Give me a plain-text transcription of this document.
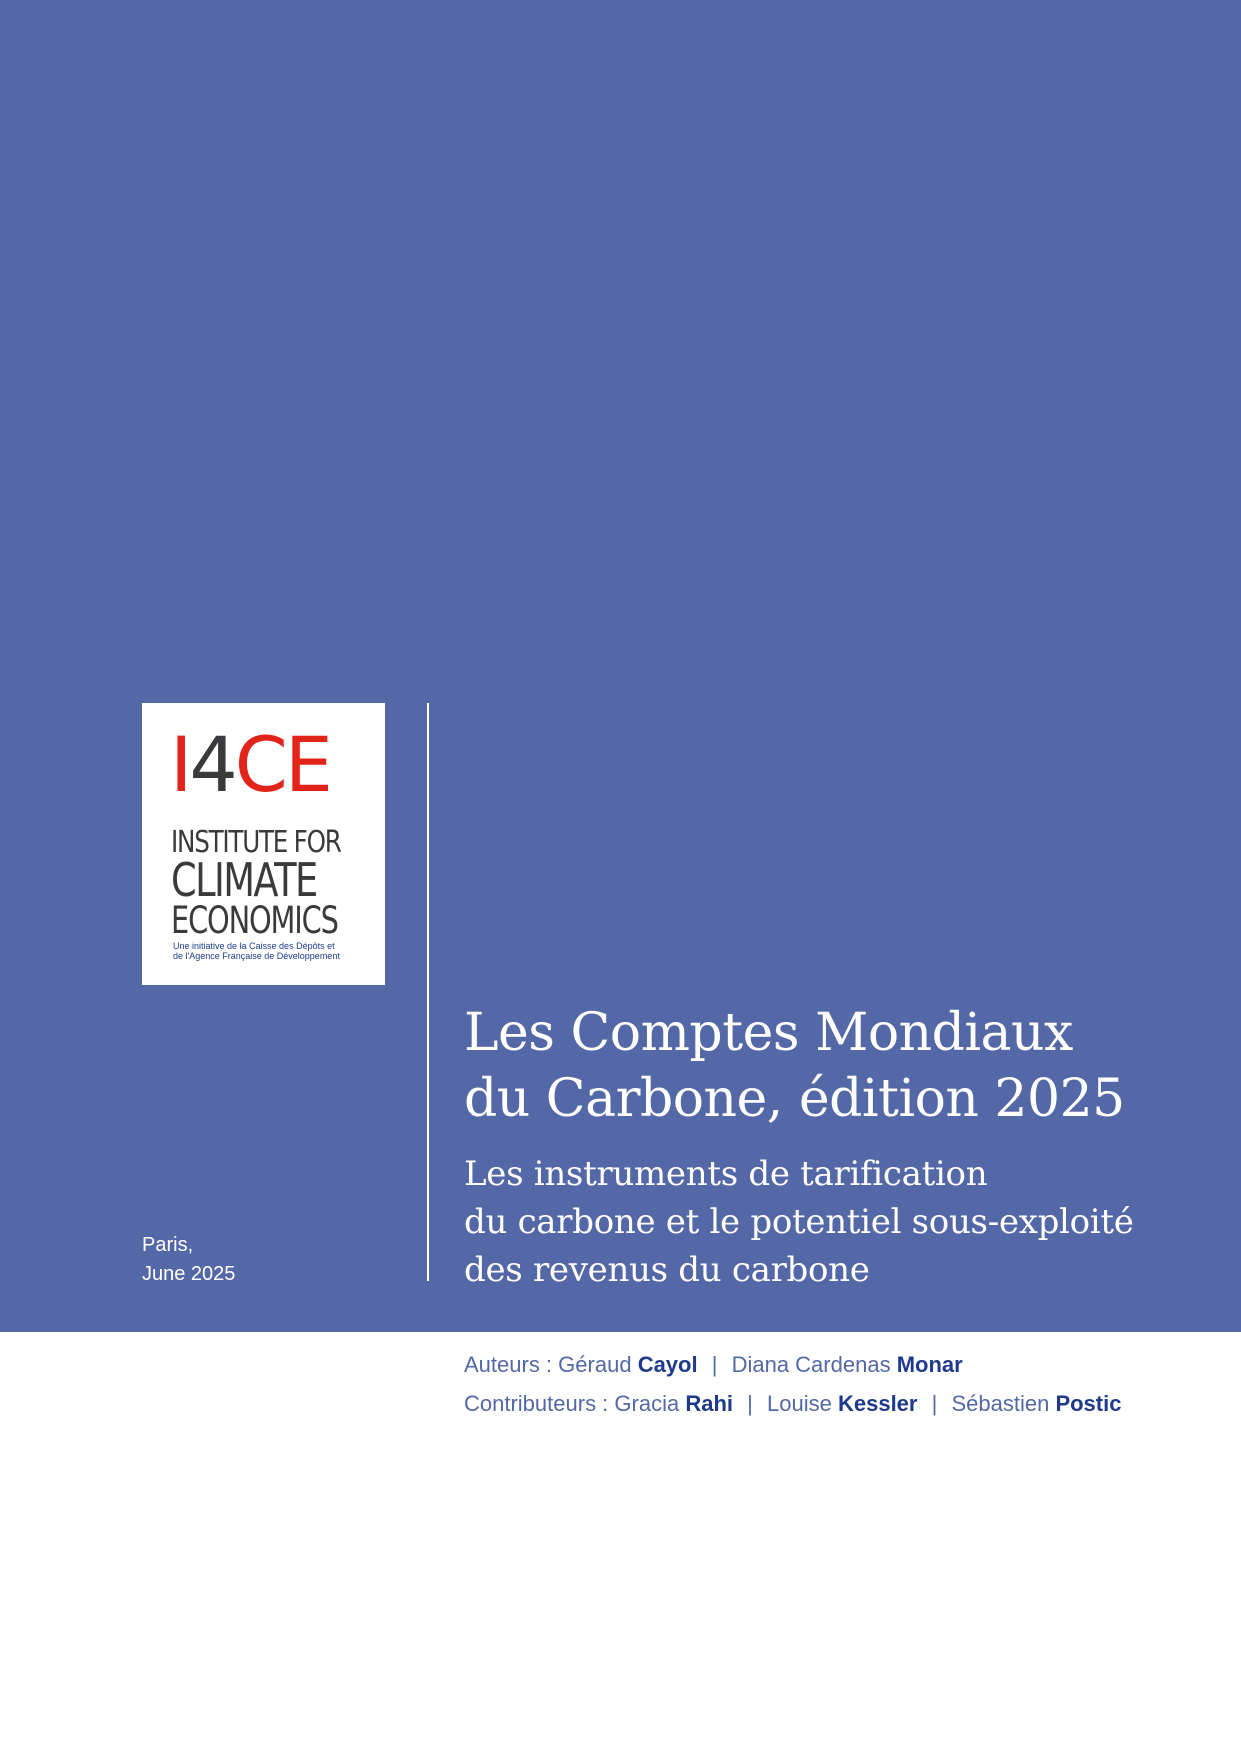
I4CE
INSTITUTE FOR
CLIMATE
ECONOMICS
Une initiative de la Caisse des Dépôts et
de l'Agence Française de Développement
Les Comptes Mondiaux
du Carbone, édition 2025
Les instruments de tarification
du carbone et le potentiel sous-exploité
des revenus du carbone
Paris,
June 2025
Auteurs : Géraud Cayol | Diana Cardenas Monar
Contributeurs : Gracia Rahi | Louise Kessler | Sébastien Postic
